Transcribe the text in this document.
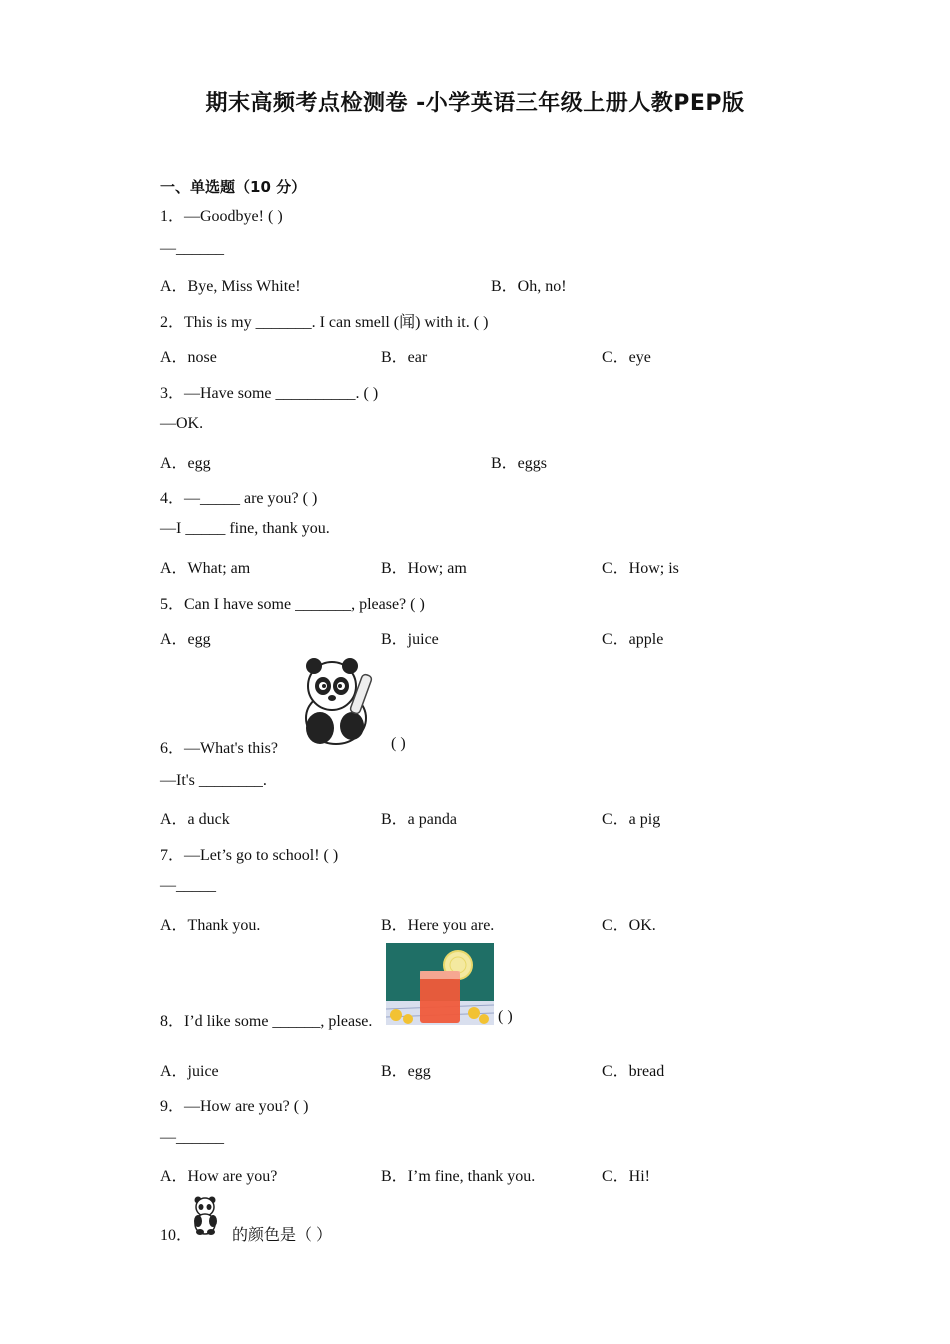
期末高频考点检测卷 -小学英语三年级上册人教PEP版
一、单选题（10 分）
1．—Goodbye! ( )
—______
A．Bye, Miss White!	B．Oh, no!
2．This is my _______. I can smell (闻) with it. ( )
A．nose	B．ear	C．eye
3．—Have some __________. ( )
—OK.
A．egg	B．eggs
4．—_____ are you? ( )
—I _____ fine, thank you.
A．What; am	B．How; am	C．How; is
5．Can I have some _______, please? ( )
A．egg	B．juice	C．apple
6．—What's this?	( )
—It's ________.
A．a duck	B．a panda	C．a pig
7．—Let’s go to school! ( )
—_____
A．Thank you.	B．Here you are.	C．OK.
8．I’d like some ______, please.	( )
A．juice	B．egg	C．bread
9．—How are you? ( )
—______
A．How are you?	B．I’m fine, thank you.	C．Hi!
10． 的颜色是（ ）
